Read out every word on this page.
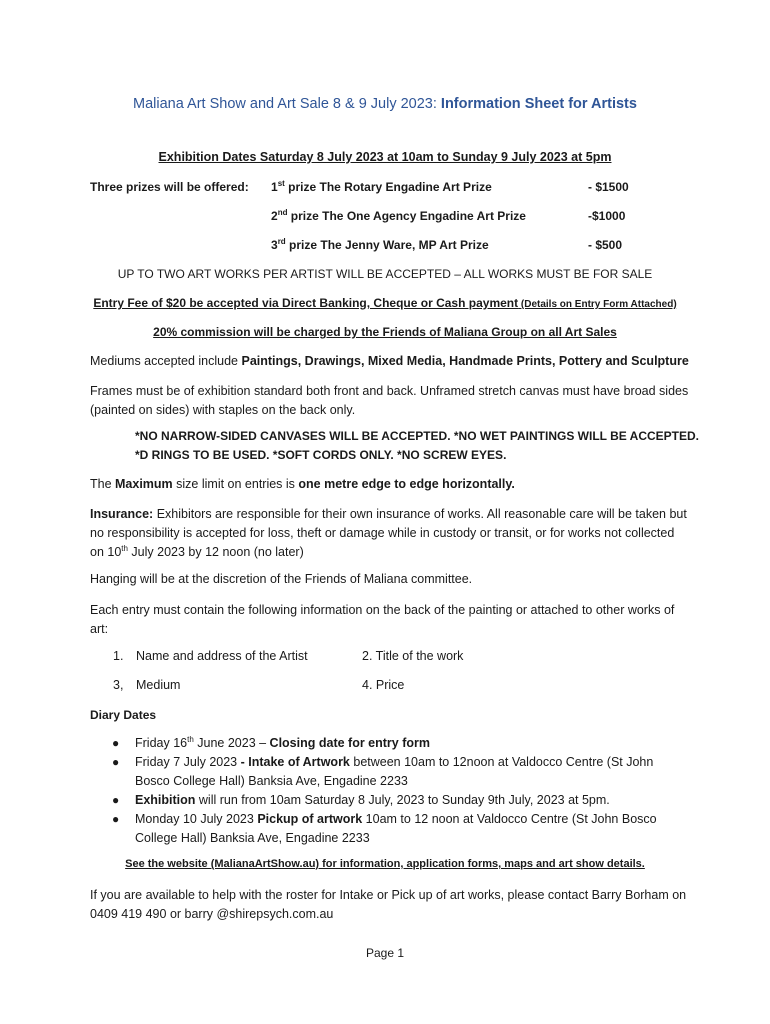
Maliana Art Show and Art Sale 8 & 9 July 2023: Information Sheet for Artists
Exhibition Dates Saturday 8 July 2023 at 10am to Sunday 9 July 2023 at 5pm
Three prizes will be offered: 1st prize The Rotary Engadine Art Prize	- $1500
2nd prize The One Agency Engadine Art Prize	-$1000
3rd prize The Jenny Ware, MP Art Prize	- $500
UP TO TWO ART WORKS PER ARTIST WILL BE ACCEPTED – ALL WORKS MUST BE FOR SALE
Entry Fee of $20 be accepted via Direct Banking, Cheque or Cash payment (Details on Entry Form Attached)
20% commission will be charged by the Friends of Maliana Group on all Art Sales
Mediums accepted include Paintings, Drawings, Mixed Media, Handmade Prints, Pottery and Sculpture
Frames must be of exhibition standard both front and back. Unframed stretch canvas must have broad sides (painted on sides) with staples on the back only.
*NO NARROW-SIDED CANVASES WILL BE ACCEPTED. *NO WET PAINTINGS WILL BE ACCEPTED.
*D RINGS TO BE USED. *SOFT CORDS ONLY. *NO SCREW EYES.
The Maximum size limit on entries is one metre edge to edge horizontally.
Insurance: Exhibitors are responsible for their own insurance of works. All reasonable care will be taken but no responsibility is accepted for loss, theft or damage while in custody or transit, or for works not collected on 10th July 2023 by 12 noon (no later)
Hanging will be at the discretion of the Friends of Maliana committee.
Each entry must contain the following information on the back of the painting or attached to other works of art:
1. Name and address of the Artist	2. Title of the work
3, Medium	4. Price
Diary Dates
● Friday 16th June 2023 – Closing date for entry form
● Friday 7 July 2023 - Intake of Artwork between 10am to 12noon at Valdocco Centre (St John Bosco College Hall) Banksia Ave, Engadine 2233
● Exhibition will run from 10am Saturday 8 July, 2023 to Sunday 9th July, 2023 at 5pm.
● Monday 10 July 2023 Pickup of artwork 10am to 12 noon at Valdocco Centre (St John Bosco College Hall) Banksia Ave, Engadine 2233
See the website (MalianaArtShow.au) for information, application forms, maps and art show details.
If you are available to help with the roster for Intake or Pick up of art works, please contact Barry Borham on 0409 419 490 or barry @shirepsych.com.au
Page 1
